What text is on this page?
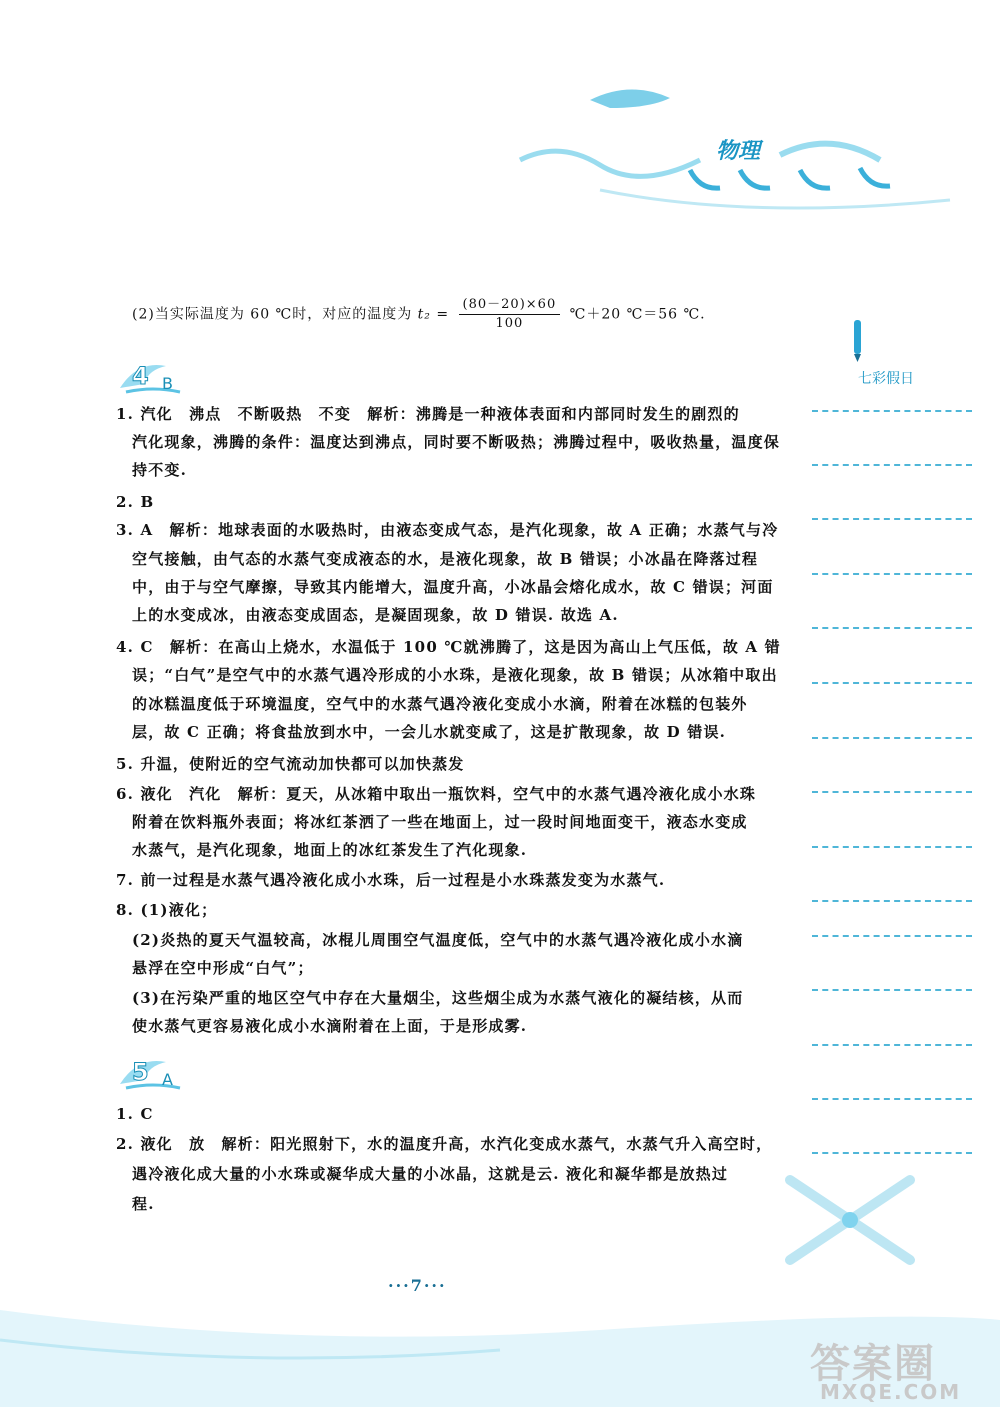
物理
七彩假日
(2)当实际温度为 60 ℃时，对应的温度为 $t_2 = \frac{(80-20)\times 60}{100}$ ℃＋20 ℃＝56 ℃.
4 B
1. 汽化　沸点　不断吸热　不变　解析：沸腾是一种液体表面和内部同时发生的剧烈的
汽化现象，沸腾的条件：温度达到沸点，同时要不断吸热；沸腾过程中，吸收热量，温度保
持不变.
2. B
3. A　解析：地球表面的水吸热时，由液态变成气态，是汽化现象，故 A 正确；水蒸气与冷
空气接触，由气态的水蒸气变成液态的水，是液化现象，故 B 错误；小冰晶在降落过程
中，由于与空气摩擦，导致其内能增大，温度升高，小冰晶会熔化成水，故 C 错误；河面
上的水变成冰，由液态变成固态，是凝固现象，故 D 错误. 故选 A.
4. C　解析：在高山上烧水，水温低于 100 ℃就沸腾了，这是因为高山上气压低，故 A 错
误；“白气”是空气中的水蒸气遇冷形成的小水珠，是液化现象，故 B 错误；从冰箱中取出
的冰糕温度低于环境温度，空气中的水蒸气遇冷液化变成小水滴，附着在冰糕的包装外
层，故 C 正确；将食盐放到水中，一会儿水就变咸了，这是扩散现象，故 D 错误.
5. 升温，使附近的空气流动加快都可以加快蒸发
6. 液化　汽化　解析：夏天，从冰箱中取出一瓶饮料，空气中的水蒸气遇冷液化成小水珠
附着在饮料瓶外表面；将冰红茶洒了一些在地面上，过一段时间地面变干，液态水变成
水蒸气，是汽化现象，地面上的冰红茶发生了汽化现象.
7. 前一过程是水蒸气遇冷液化成小水珠，后一过程是小水珠蒸发变为水蒸气.
8. (1)液化；
(2)炎热的夏天气温较高，冰棍儿周围空气温度低，空气中的水蒸气遇冷液化成小水滴
悬浮在空中形成“白气”；
(3)在污染严重的地区空气中存在大量烟尘，这些烟尘成为水蒸气液化的凝结核，从而
使水蒸气更容易液化成小水滴附着在上面，于是形成雾.
5 A
1. C
2. 液化　放　解析：阳光照射下，水的温度升高，水汽化变成水蒸气，水蒸气升入高空时，
遇冷液化成大量的小水珠或凝华成大量的小冰晶，这就是云. 液化和凝华都是放热过
程.
···7···
答案圈
MXQE.COM
